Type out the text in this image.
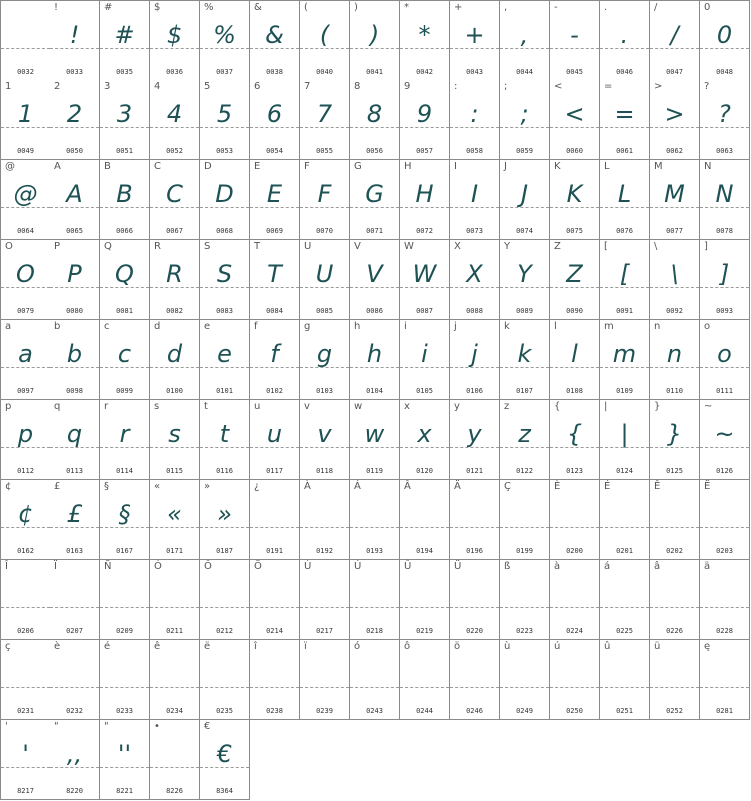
0032
!
!
0033
#
#
0035
$
$
0036
%
%
0037
&
&
0038
(
(
0040
)
)
0041
*
*
0042
+
+
0043
,
,
0044
-
-
0045
.
.
0046
/
/
0047
0
0
0048
1
1
0049
2
2
0050
3
3
0051
4
4
0052
5
5
0053
6
6
0054
7
7
0055
8
8
0056
9
9
0057
:
:
0058
;
;
0059
<
<
0060
=
=
0061
>
>
0062
?
?
0063
@
@
0064
A
A
0065
B
B
0066
C
C
0067
D
D
0068
E
E
0069
F
F
0070
G
G
0071
H
H
0072
I
I
0073
J
J
0074
K
K
0075
L
L
0076
M
M
0077
N
N
0078
O
O
0079
P
P
0080
Q
Q
0081
R
R
0082
S
S
0083
T
T
0084
U
U
0085
V
V
0086
W
W
0087
X
X
0088
Y
Y
0089
Z
Z
0090
[
[
0091
\
\
0092
]
]
0093
a
a
0097
b
b
0098
c
c
0099
d
d
0100
e
e
0101
f
f
0102
g
g
0103
h
h
0104
i
i
0105
j
j
0106
k
k
0107
l
l
0108
m
m
0109
n
n
0110
o
o
0111
p
p
0112
q
q
0113
r
r
0114
s
s
0115
t
t
0116
u
u
0117
v
v
0118
w
w
0119
x
x
0120
y
y
0121
z
z
0122
{
{
0123
|
|
0124
}
}
0125
~
~
0126
¢
¢
0162
£
£
0163
§
§
0167
«
«
0171
»
»
0187
¿
0191
À
0192
Á
0193
Â
0194
Ä
0196
Ç
0199
È
0200
É
0201
Ê
0202
Ë
0203
Î
0206
Ï
0207
Ñ
0209
Ó
0211
Ô
0212
Ö
0214
Ù
0217
Ú
0218
Û
0219
Ü
0220
ß
0223
à
0224
á
0225
â
0226
ä
0228
ç
0231
è
0232
é
0233
ê
0234
ë
0235
î
0238
ï
0239
ó
0243
ô
0244
ö
0246
ù
0249
ú
0250
û
0251
ü
0252
ę
0281
'
'
8217
"
,,
8220
"
''
8221
•
8226
€
€
8364
